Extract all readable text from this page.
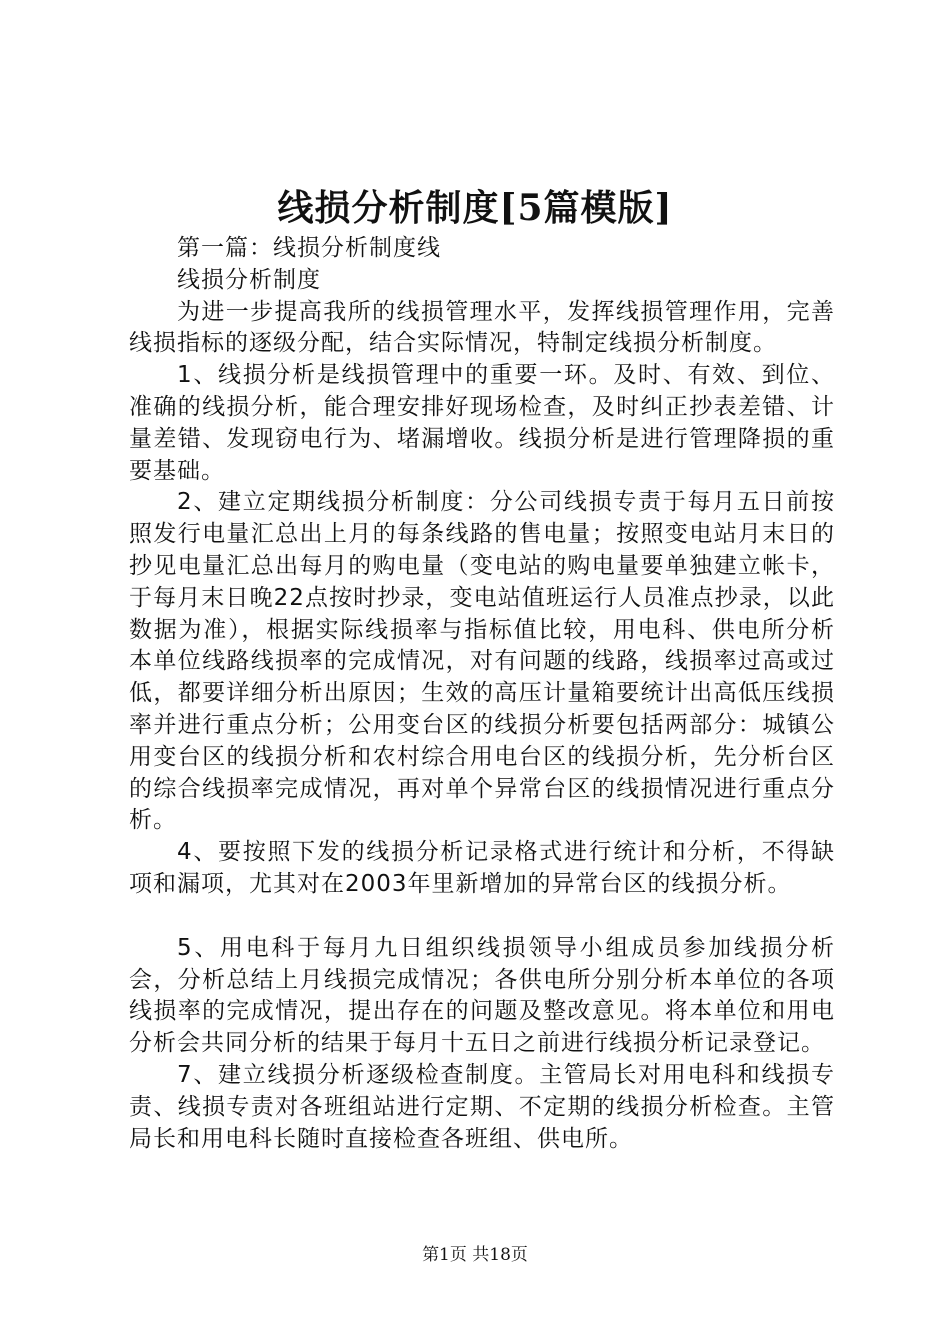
线损分析制度[5篇模版]

第一篇：线损分析制度线

线损分析制度

为进一步提高我所的线损管理水平，发挥线损管理作用，完善线损指标的逐级分配，结合实际情况，特制定线损分析制度。

1、线损分析是线损管理中的重要一环。及时、有效、到位、准确的线损分析，能合理安排好现场检查，及时纠正抄表差错、计量差错、发现窃电行为、堵漏增收。线损分析是进行管理降损的重要基础。

2、建立定期线损分析制度：分公司线损专责于每月五日前按照发行电量汇总出上月的每条线路的售电量；按照变电站月末日的抄见电量汇总出每月的购电量（变电站的购电量要单独建立帐卡，于每月末日晚22点按时抄录，变电站值班运行人员准点抄录，以此数据为准），根据实际线损率与指标值比较，用电科、供电所分析本单位线路线损率的完成情况，对有问题的线路，线损率过高或过低，都要详细分析出原因；生效的高压计量箱要统计出高低压线损率并进行重点分析；公用变台区的线损分析要包括两部分：城镇公用变台区的线损分析和农村综合用电台区的线损分析，先分析台区的综合线损率完成情况，再对单个异常台区的线损情况进行重点分析。

4、要按照下发的线损分析记录格式进行统计和分析，不得缺项和漏项，尤其对在2003年里新增加的异常台区的线损分析。

5、用电科于每月九日组织线损领导小组成员参加线损分析会，分析总结上月线损完成情况；各供电所分别分析本单位的各项线损率的完成情况，提出存在的问题及整改意见。将本单位和用电分析会共同分析的结果于每月十五日之前进行线损分析记录登记。

7、建立线损分析逐级检查制度。主管局长对用电科和线损专责、线损专责对各班组站进行定期、不定期的线损分析检查。主管局长和用电科长随时直接检查各班组、供电所。

第1页 共18页
